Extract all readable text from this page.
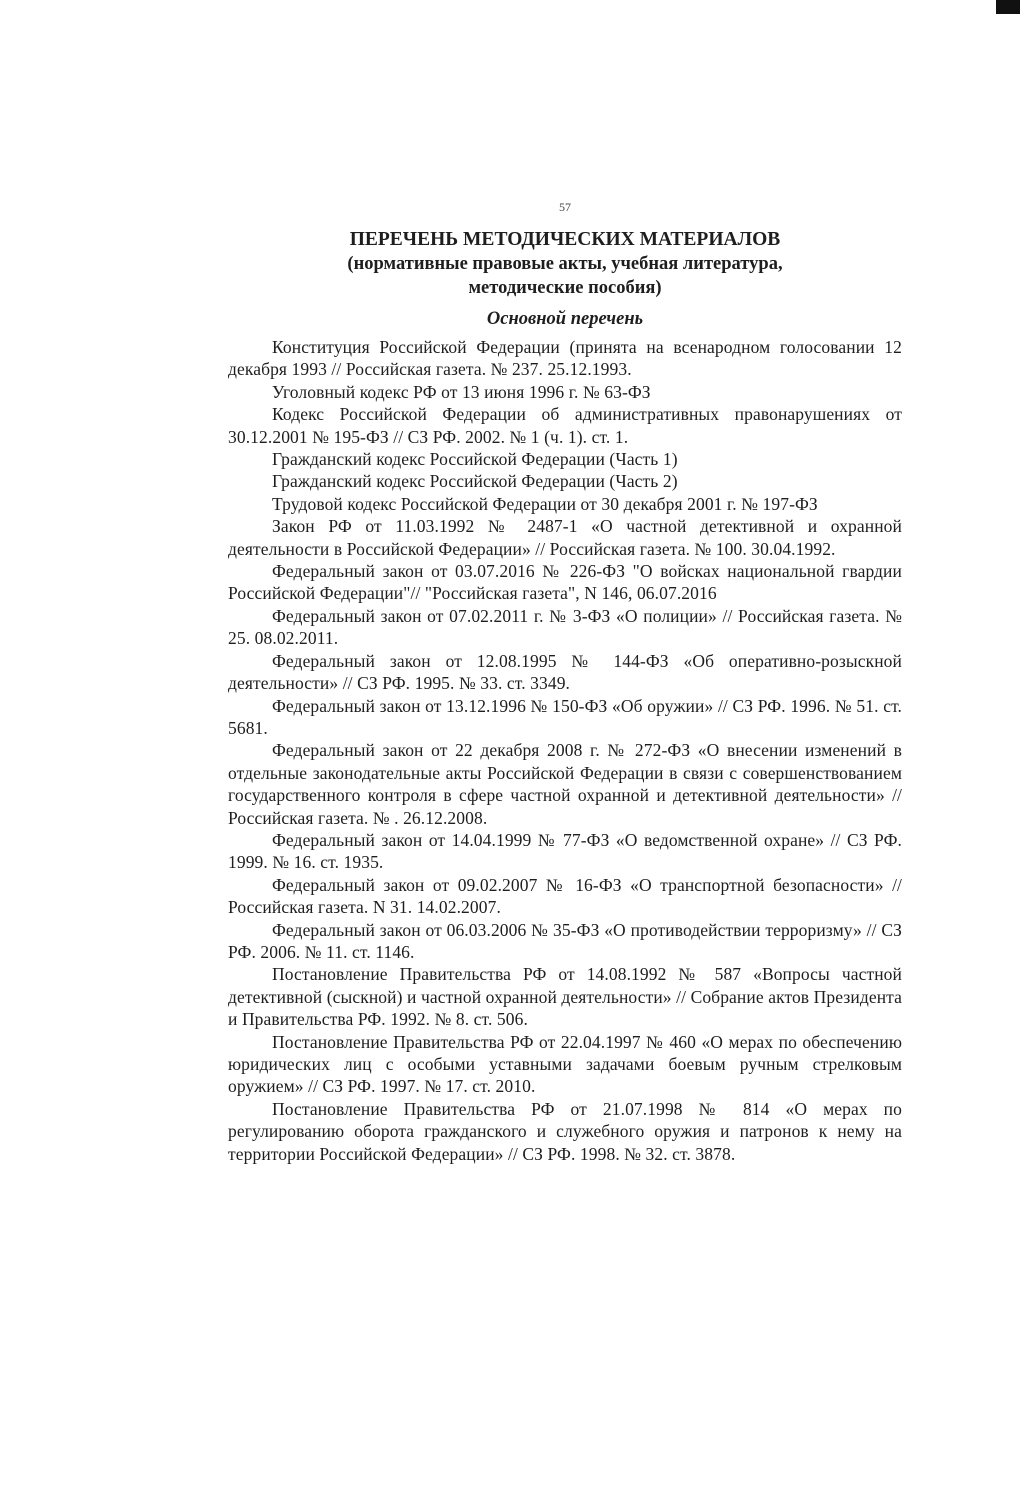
57

ПЕРЕЧЕНЬ МЕТОДИЧЕСКИХ МАТЕРИАЛОВ

(нормативные правовые акты, учебная литература,

методические пособия)

Основной перечень

Конституция Российской Федерации (принята на всенародном голосовании 12 декабря 1993 // Российская газета. № 237. 25.12.1993.

Уголовный кодекс РФ от 13 июня 1996 г. № 63-ФЗ

Кодекс Российской Федерации об административных правонарушениях от 30.12.2001 № 195-ФЗ // СЗ РФ. 2002. № 1 (ч. 1). ст. 1.

Гражданский кодекс Российской Федерации (Часть 1)

Гражданский кодекс Российской Федерации (Часть 2)

Трудовой кодекс Российской Федерации от 30 декабря 2001 г. № 197-ФЗ

Закон РФ от 11.03.1992 № 2487-1 «О частной детективной и охранной деятельности в Российской Федерации» // Российская газета. № 100. 30.04.1992.

Федеральный закон от 03.07.2016 № 226-ФЗ "О войсках национальной гвардии Российской Федерации"// "Российская газета", N 146, 06.07.2016

Федеральный закон от 07.02.2011 г. № 3-ФЗ «О полиции» // Российская газета. № 25. 08.02.2011.

Федеральный закон от 12.08.1995 № 144-ФЗ «Об оперативно-розыскной деятельности» // СЗ РФ. 1995. № 33. ст. 3349.

Федеральный закон от 13.12.1996 № 150-ФЗ «Об оружии» // СЗ РФ. 1996. № 51. ст. 5681.

Федеральный закон от 22 декабря 2008 г. № 272-ФЗ «О внесении изменений в отдельные законодательные акты Российской Федерации в связи с совершенствованием государственного контроля в сфере частной охранной и детективной деятельности» // Российская газета. № . 26.12.2008.

Федеральный закон от 14.04.1999 № 77-ФЗ «О ведомственной охране» // СЗ РФ. 1999. № 16. ст. 1935.

Федеральный закон от 09.02.2007 № 16-ФЗ «О транспортной безопасности» // Российская газета. N 31. 14.02.2007.

Федеральный закон от 06.03.2006 № 35-ФЗ «О противодействии терроризму» // СЗ РФ. 2006. № 11. ст. 1146.

Постановление Правительства РФ от 14.08.1992 № 587 «Вопросы частной детективной (сыскной) и частной охранной деятельности» // Собрание актов Президента и Правительства РФ. 1992. № 8. ст. 506.

Постановление Правительства РФ от 22.04.1997 № 460 «О мерах по обеспечению юридических лиц с особыми уставными задачами боевым ручным стрелковым оружием» // СЗ РФ. 1997. № 17. ст. 2010.

Постановление Правительства РФ от 21.07.1998 № 814 «О мерах по регулированию оборота гражданского и служебного оружия и патронов к нему на территории Российской Федерации» // СЗ РФ. 1998. № 32. ст. 3878.
